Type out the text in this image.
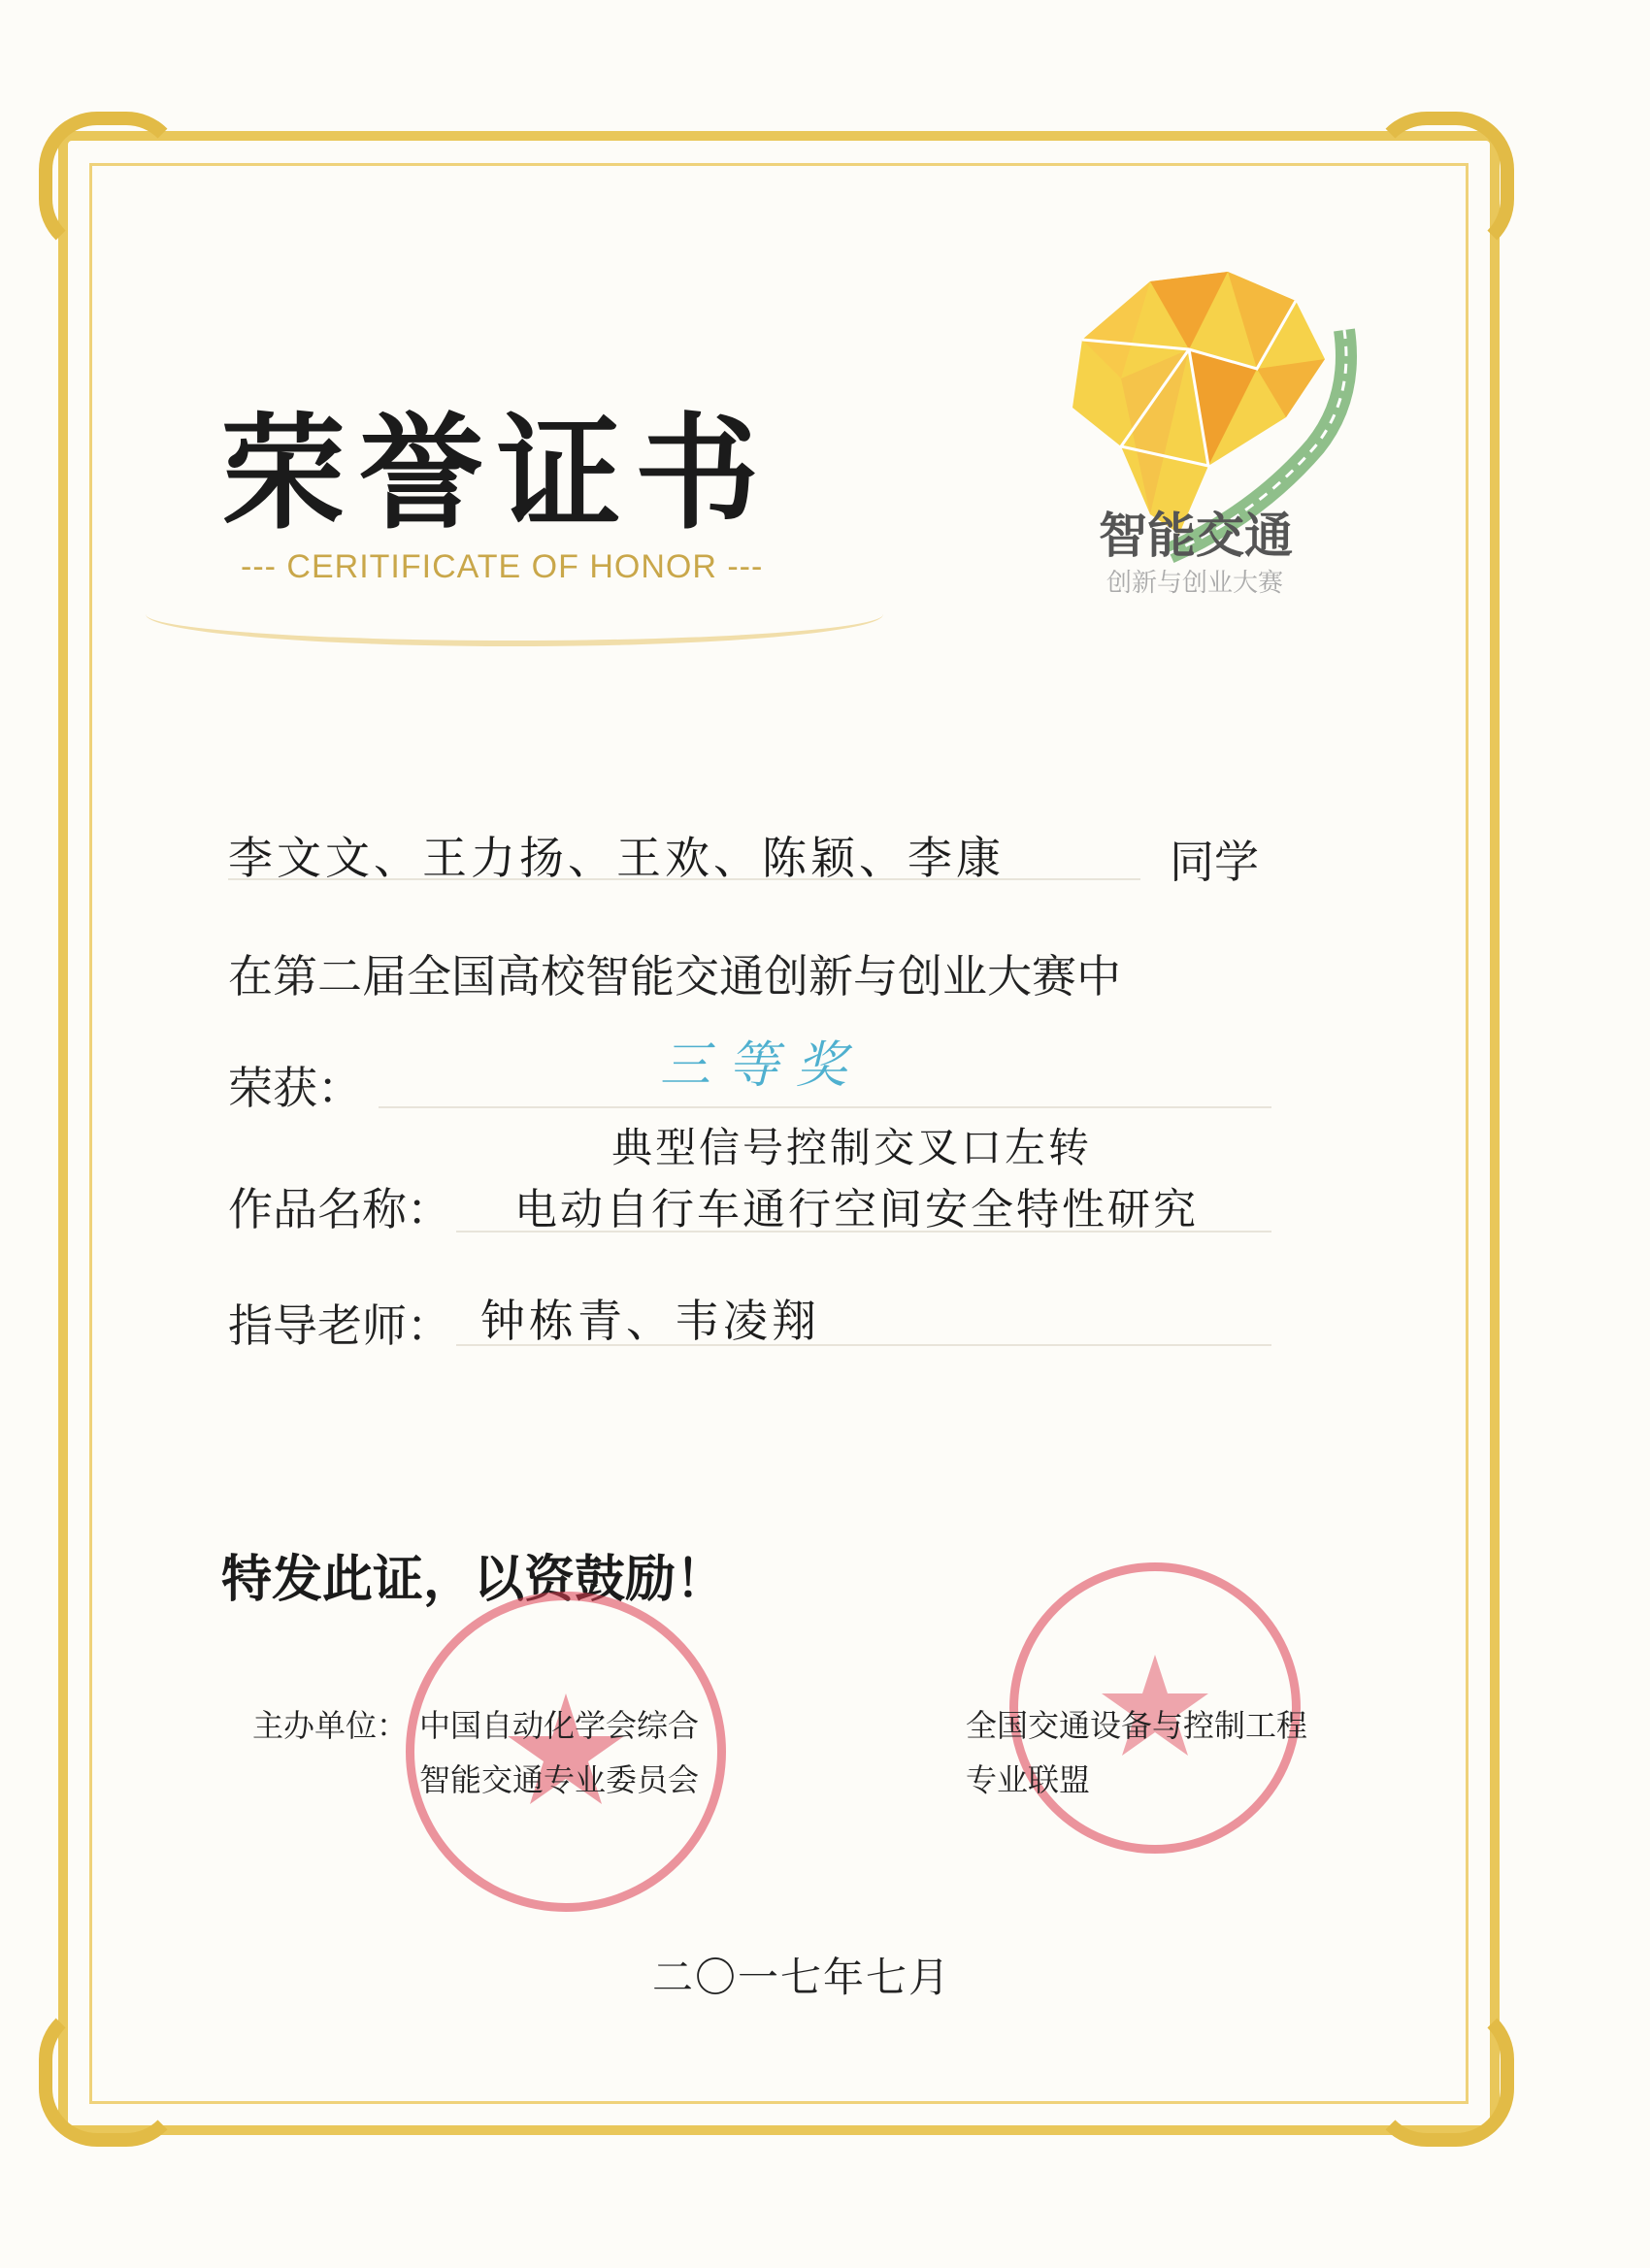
荣誉证书
--- CERITIFICATE OF HONOR ---
智能交通
创新与创业大赛
李文文、王力扬、王欢、陈颖、李康	同学
在第二届全国高校智能交通创新与创业大赛中
荣获：	三等奖
典型信号控制交叉口左转
作品名称： 电动自行车通行空间安全特性研究
指导老师： 钟栋青、韦凌翔
特发此证，以资鼓励！
主办单位： 中国自动化学会综合
智能交通专业委员会
全国交通设备与控制工程
专业联盟
二〇一七年七月
